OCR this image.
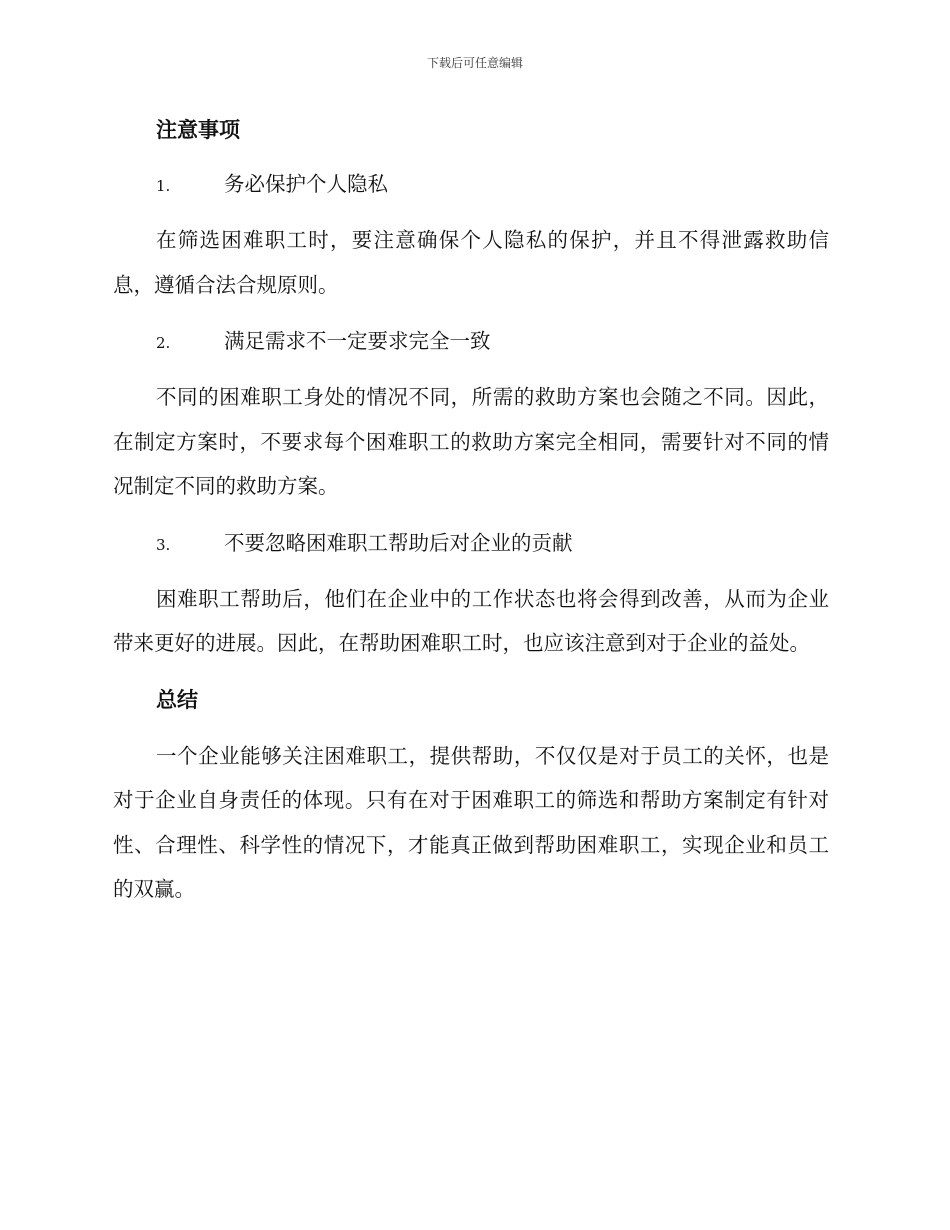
下载后可任意编辑
注意事项
1.	务必保护个人隐私

在筛选困难职工时，要注意确保个人隐私的保护，并且不得泄露救助信息，遵循合法合规原则。

2.	满足需求不一定要求完全一致

不同的困难职工身处的情况不同，所需的救助方案也会随之不同。因此，在制定方案时，不要求每个困难职工的救助方案完全相同，需要针对不同的情况制定不同的救助方案。

3.	不要忽略困难职工帮助后对企业的贡献

困难职工帮助后，他们在企业中的工作状态也将会得到改善，从而为企业带来更好的进展。因此，在帮助困难职工时，也应该注意到对于企业的益处。

总结

一个企业能够关注困难职工，提供帮助，不仅仅是对于员工的关怀，也是对于企业自身责任的体现。只有在对于困难职工的筛选和帮助方案制定有针对性、合理性、科学性的情况下，才能真正做到帮助困难职工，实现企业和员工的双赢。
